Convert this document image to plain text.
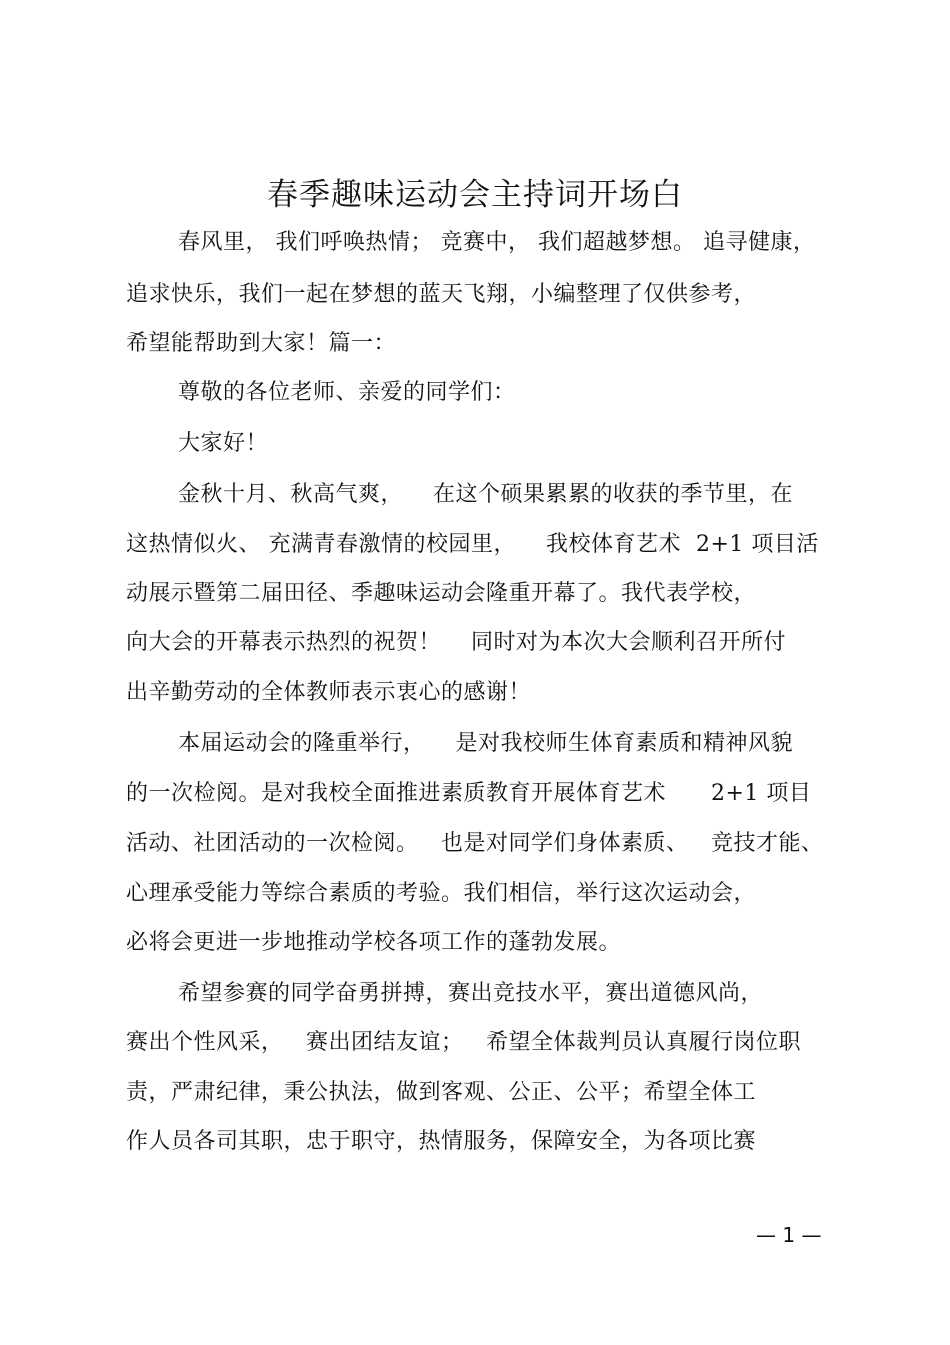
春季趣味运动会主持词开场白
春风里， 我们呼唤热情； 竞赛中， 我们超越梦想。 追寻健康，
追求快乐，我们一起在梦想的蓝天飞翔，小编整理了仅供参考，
希望能帮助到大家！篇一：
尊敬的各位老师、亲爱的同学们：
大家好！
金秋十月、秋高气爽，    在这个硕果累累的收获的季节里，在
这热情似火、 充满青春激情的校园里，    我校体育艺术  2+1 项目活
动展示暨第二届田径、季趣味运动会隆重开幕了。我代表学校，
向大会的开幕表示热烈的祝贺！    同时对为本次大会顺利召开所付
出辛勤劳动的全体教师表示衷心的感谢！
本届运动会的隆重举行，    是对我校师生体育素质和精神风貌
的一次检阅。是对我校全面推进素质教育开展体育艺术      2+1 项目
活动、社团活动的一次检阅。   也是对同学们身体素质、   竞技才能、
心理承受能力等综合素质的考验。我们相信，举行这次运动会，
必将会更进一步地推动学校各项工作的蓬勃发展。
希望参赛的同学奋勇拼搏，赛出竞技水平，赛出道德风尚，
赛出个性风采，   赛出团结友谊；   希望全体裁判员认真履行岗位职
责，严肃纪律，秉公执法，做到客观、公正、公平；希望全体工
作人员各司其职，忠于职守，热情服务，保障安全，为各项比赛
— 1 —
